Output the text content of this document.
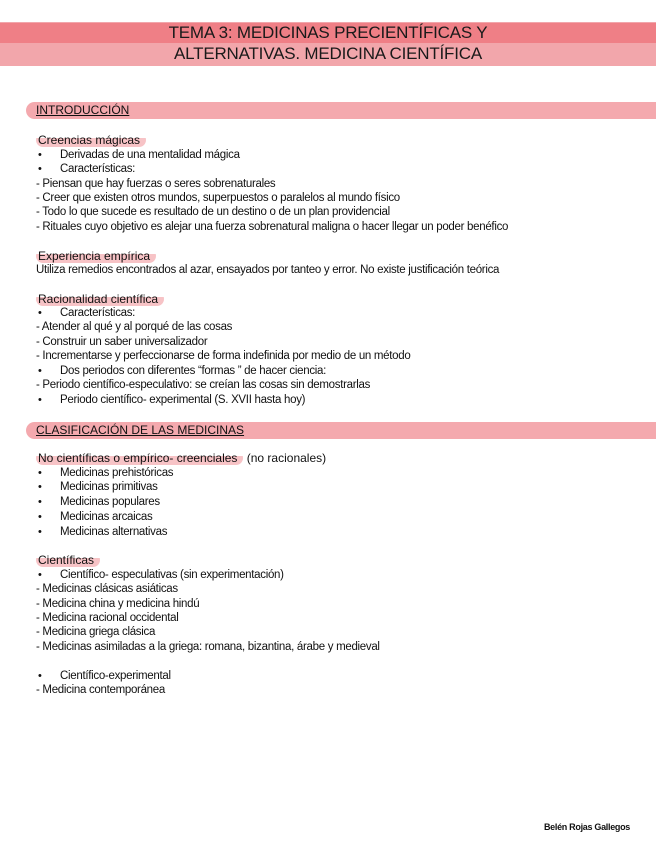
TEMA 3: MEDICINAS PRECIENTÍFICAS Y
ALTERNATIVAS. MEDICINA CIENTÍFICA
INTRODUCCIÓN
Creencias mágicas
• Derivadas de una mentalidad mágica
• Características:
- Piensan que hay fuerzas o seres sobrenaturales
- Creer que existen otros mundos, superpuestos o paralelos al mundo físico
- Todo lo que sucede es resultado de un destino o de un plan providencial
- Rituales cuyo objetivo es alejar una fuerza sobrenatural maligna o hacer llegar un poder benéfico
Experiencia empírica
Utiliza remedios encontrados al azar, ensayados por tanteo y error. No existe justificación teórica
Racionalidad científica
• Características:
- Atender al qué y al porqué de las cosas
- Construir un saber universalizador
- Incrementarse y perfeccionarse de forma indefinida por medio de un método
• Dos periodos con diferentes “formas ” de hacer ciencia:
- Periodo científico-especulativo: se creían las cosas sin demostrarlas
• Periodo científico- experimental (S. XVII hasta hoy)
CLASIFICACIÓN DE LAS MEDICINAS
No científicas o empírico- creenciales (no racionales)
• Medicinas prehistóricas
• Medicinas primitivas
• Medicinas populares
• Medicinas arcaicas
• Medicinas alternativas
Científicas
• Científico- especulativas (sin experimentación)
- Medicinas clásicas asiáticas
- Medicina china y medicina hindú
- Medicina racional occidental
- Medicina griega clásica
- Medicinas asimiladas a la griega: romana, bizantina, árabe y medieval
• Científico-experimental
- Medicina contemporánea
Belén Rojas Gallegos
